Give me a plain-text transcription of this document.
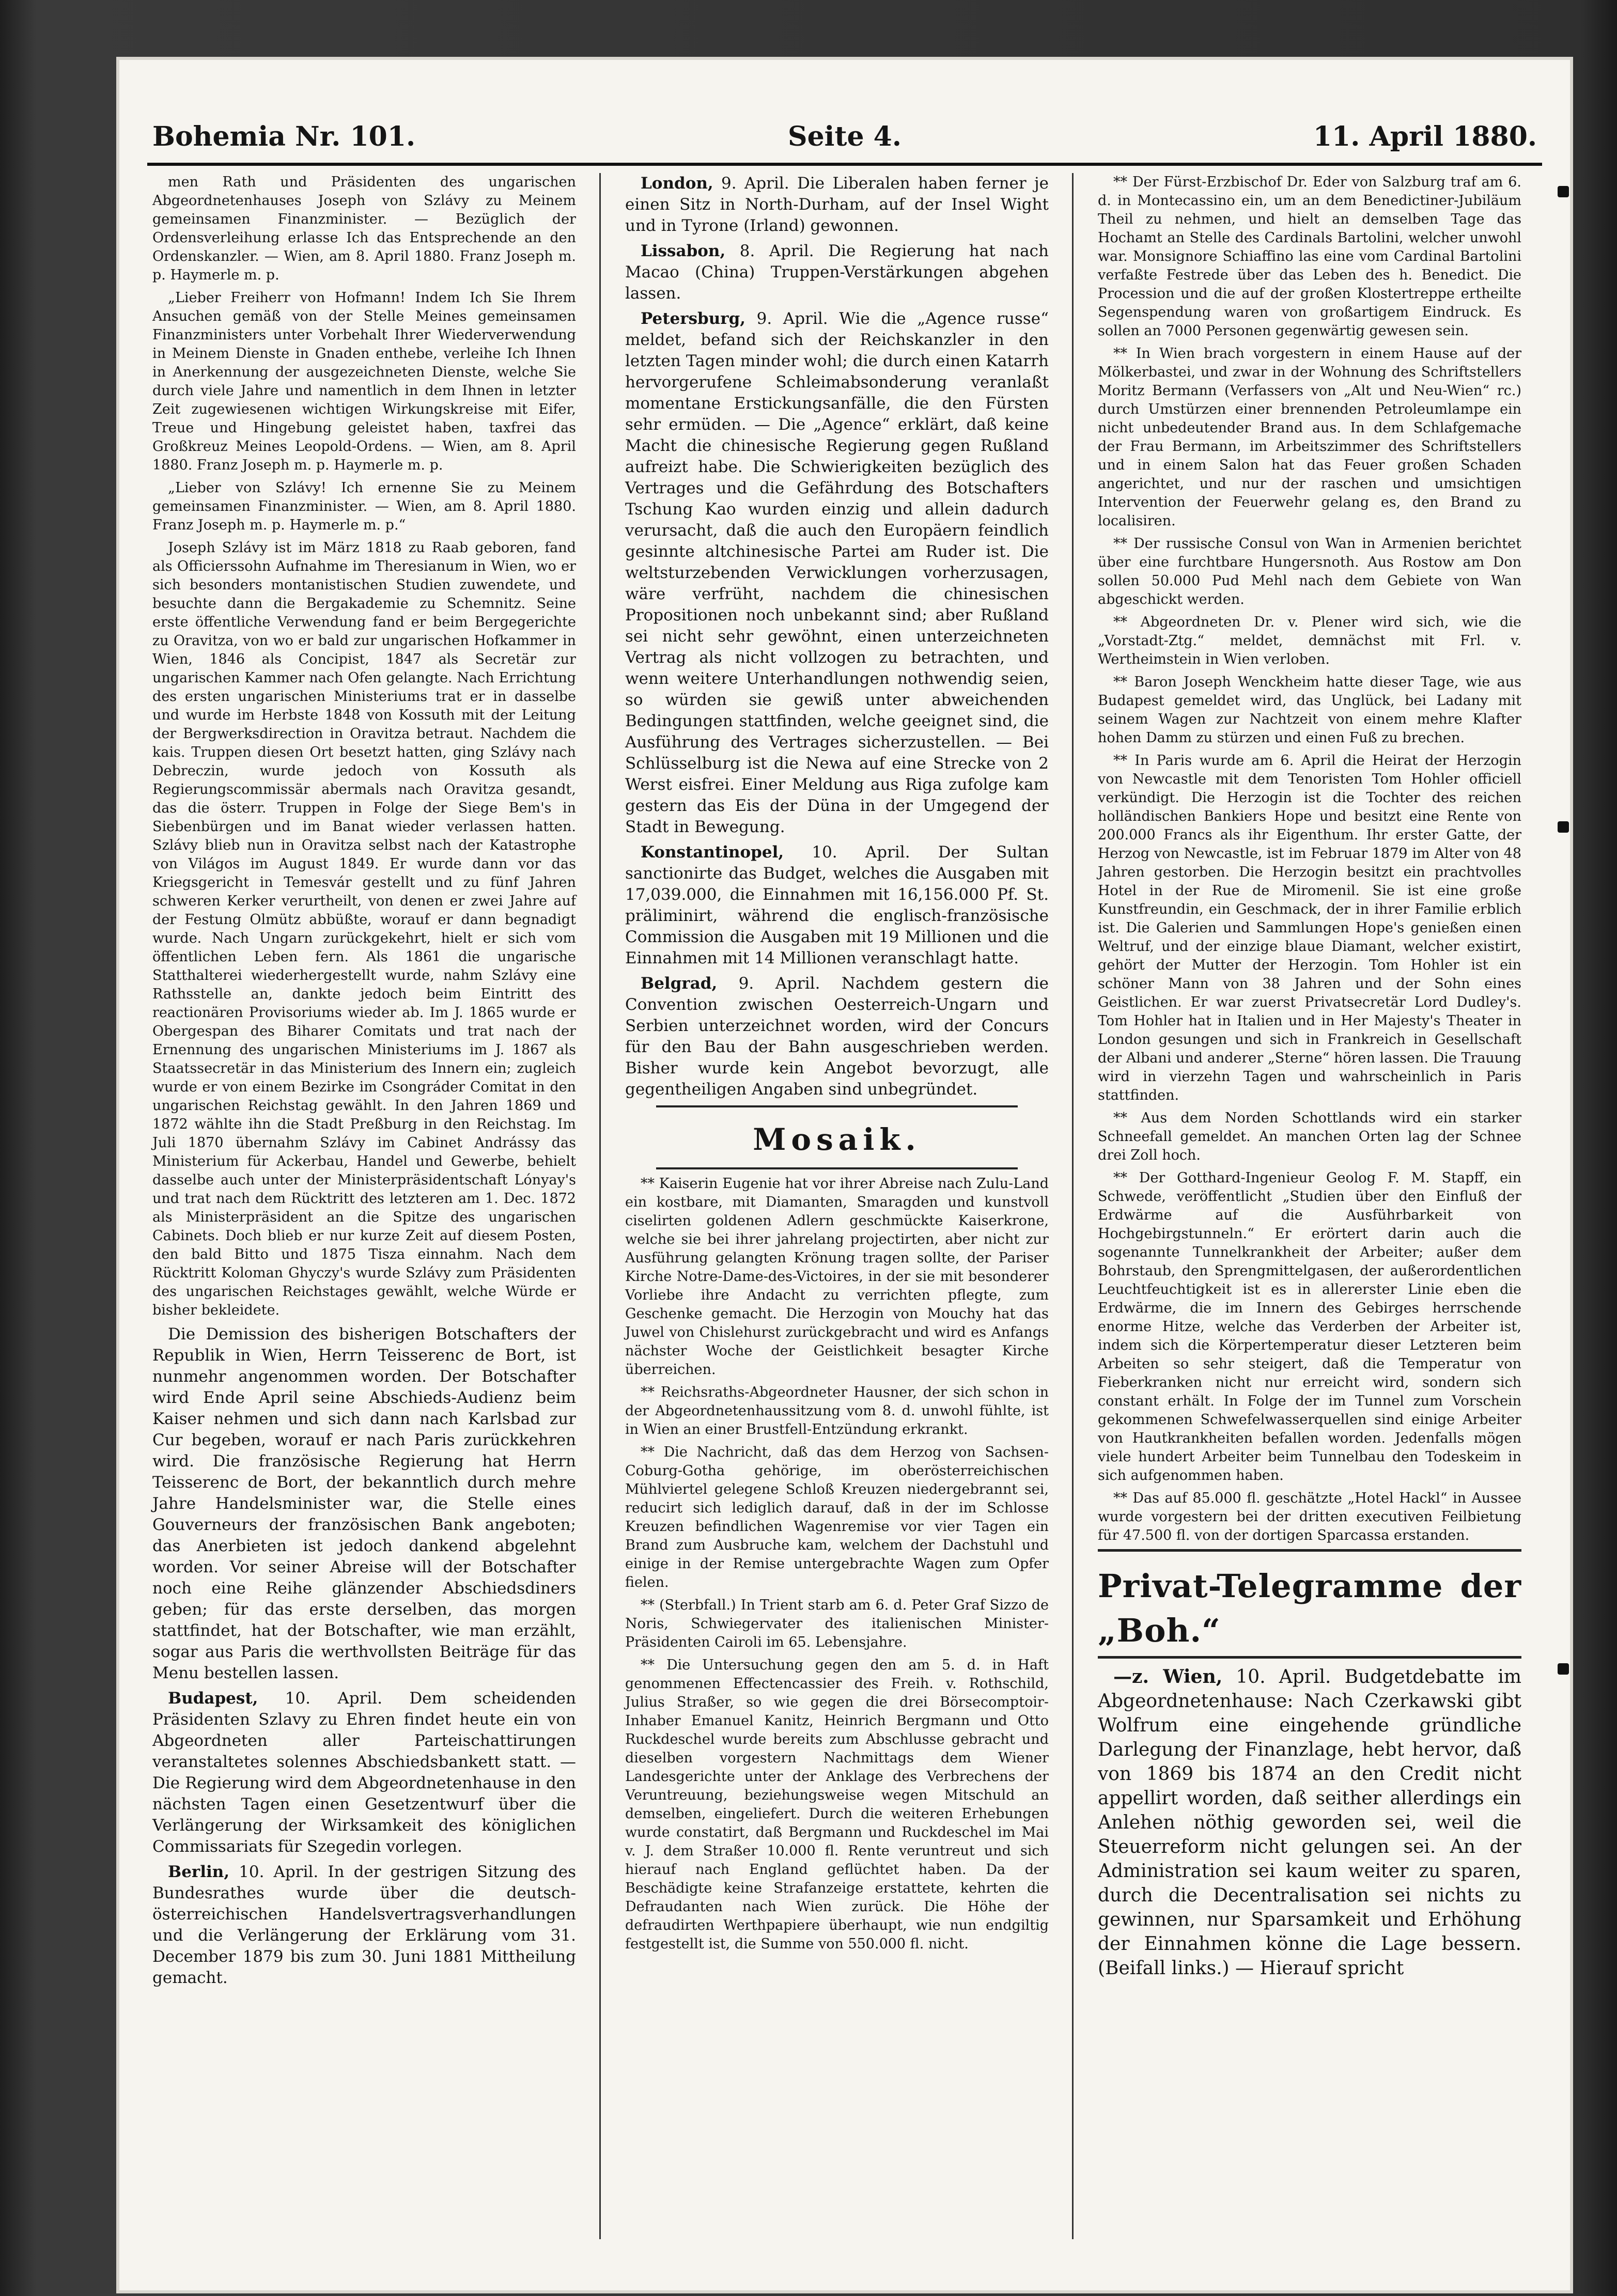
Bohemia Nr. 101.	Seite 4.	11. April 1880.

men Rath und Präsidenten des ungarischen Abgeordnetenhauses Joseph von Szlávy zu Meinem gemeinsamen Finanzminister. — Bezüglich der Ordensverleihung erlasse Ich das Entsprechende an den Ordenskanzler. — Wien, am 8. April 1880. Franz Joseph m. p. Haymerle m. p.

„Lieber Freiherr von Hofmann! Indem Ich Sie Ihrem Ansuchen gemäß von der Stelle Meines gemeinsamen Finanzministers unter Vorbehalt Ihrer Wiederverwendung in Meinem Dienste in Gnaden enthebe, verleihe Ich Ihnen in Anerkennung der ausgezeichneten Dienste, welche Sie durch viele Jahre und namentlich in dem Ihnen in letzter Zeit zugewiesenen wichtigen Wirkungskreise mit Eifer, Treue und Hingebung geleistet haben, taxfrei das Großkreuz Meines Leopold-Ordens. — Wien, am 8. April 1880. Franz Joseph m. p. Haymerle m. p.

„Lieber von Szlávy! Ich ernenne Sie zu Meinem gemeinsamen Finanzminister. — Wien, am 8. April 1880. Franz Joseph m. p. Haymerle m. p.“

Joseph Szlávy ist im März 1818 zu Raab geboren, fand als Officierssohn Aufnahme im Theresianum in Wien, wo er sich besonders montanistischen Studien zuwendete, und besuchte dann die Bergakademie zu Schemnitz. Seine erste öffentliche Verwendung fand er beim Bergegerichte zu Oravitza, von wo er bald zur ungarischen Hofkammer in Wien, 1846 als Concipist, 1847 als Secretär zur ungarischen Kammer nach Ofen gelangte. Nach Errichtung des ersten ungarischen Ministeriums trat er in dasselbe und wurde im Herbste 1848 von Kossuth mit der Leitung der Bergwerksdirection in Oravitza betraut. Nachdem die kais. Truppen diesen Ort besetzt hatten, ging Szlávy nach Debreczin, wurde jedoch von Kossuth als Regierungscommissär abermals nach Oravitza gesandt, das die österr. Truppen in Folge der Siege Bem's in Siebenbürgen und im Banat wieder verlassen hatten. Szlávy blieb nun in Oravitza selbst nach der Katastrophe von Világos im August 1849. Er wurde dann vor das Kriegsgericht in Temesvár gestellt und zu fünf Jahren schweren Kerker verurtheilt, von denen er zwei Jahre auf der Festung Olmütz abbüßte, worauf er dann begnadigt wurde. Nach Ungarn zurückgekehrt, hielt er sich vom öffentlichen Leben fern. Als 1861 die ungarische Statthalterei wiederhergestellt wurde, nahm Szlávy eine Rathsstelle an, dankte jedoch beim Eintritt des reactionären Provisoriums wieder ab. Im J. 1865 wurde er Obergespan des Biharer Comitats und trat nach der Ernennung des ungarischen Ministeriums im J. 1867 als Staatssecretär in das Ministerium des Innern ein; zugleich wurde er von einem Bezirke im Csongráder Comitat in den ungarischen Reichstag gewählt. In den Jahren 1869 und 1872 wählte ihn die Stadt Preßburg in den Reichstag. Im Juli 1870 übernahm Szlávy im Cabinet Andrássy das Ministerium für Ackerbau, Handel und Gewerbe, behielt dasselbe auch unter der Ministerpräsidentschaft Lónyay's und trat nach dem Rücktritt des letzteren am 1. Dec. 1872 als Ministerpräsident an die Spitze des ungarischen Cabinets. Doch blieb er nur kurze Zeit auf diesem Posten, den bald Bitto und 1875 Tisza einnahm. Nach dem Rücktritt Koloman Ghyczy's wurde Szlávy zum Präsidenten des ungarischen Reichstages gewählt, welche Würde er bisher bekleidete.

Die Demission des bisherigen Botschafters der Republik in Wien, Herrn Teisserenc de Bort, ist nunmehr angenommen worden. Der Botschafter wird Ende April seine Abschieds-Audienz beim Kaiser nehmen und sich dann nach Karlsbad zur Cur begeben, worauf er nach Paris zurückkehren wird. Die französische Regierung hat Herrn Teisserenc de Bort, der bekanntlich durch mehre Jahre Handelsminister war, die Stelle eines Gouverneurs der französischen Bank angeboten; das Anerbieten ist jedoch dankend abgelehnt worden. Vor seiner Abreise will der Botschafter noch eine Reihe glänzender Abschiedsdiners geben; für das erste derselben, das morgen stattfindet, hat der Botschafter, wie man erzählt, sogar aus Paris die werthvollsten Beiträge für das Menu bestellen lassen.

Budapest, 10. April. Dem scheidenden Präsidenten Szlavy zu Ehren findet heute ein von Abgeordneten aller Parteischattirungen veranstaltetes solennes Abschiedsbankett statt. — Die Regierung wird dem Abgeordnetenhause in den nächsten Tagen einen Gesetzentwurf über die Verlängerung der Wirksamkeit des königlichen Commissariats für Szegedin vorlegen.

Berlin, 10. April. In der gestrigen Sitzung des Bundesrathes wurde über die deutsch-österreichischen Handelsvertragsverhandlungen und die Verlängerung der Erklärung vom 31. December 1879 bis zum 30. Juni 1881 Mittheilung gemacht.

London, 9. April. Die Liberalen haben ferner je einen Sitz in North-Durham, auf der Insel Wight und in Tyrone (Irland) gewonnen.

Lissabon, 8. April. Die Regierung hat nach Macao (China) Truppen-Verstärkungen abgehen lassen.

Petersburg, 9. April. Wie die „Agence russe“ meldet, befand sich der Reichskanzler in den letzten Tagen minder wohl; die durch einen Katarrh hervorgerufene Schleimabsonderung veranlaßt momentane Erstickungsanfälle, die den Fürsten sehr ermüden. — Die „Agence“ erklärt, daß keine Macht die chinesische Regierung gegen Rußland aufreizt habe. Die Schwierigkeiten bezüglich des Vertrages und die Gefährdung des Botschafters Tschung Kao wurden einzig und allein dadurch verursacht, daß die auch den Europäern feindlich gesinnte altchinesische Partei am Ruder ist. Die weltsturzebenden Verwicklungen vorherzusagen, wäre verfrüht, nachdem die chinesischen Propositionen noch unbekannt sind; aber Rußland sei nicht sehr gewöhnt, einen unterzeichneten Vertrag als nicht vollzogen zu betrachten, und wenn weitere Unterhandlungen nothwendig seien, so würden sie gewiß unter abweichenden Bedingungen stattfinden, welche geeignet sind, die Ausführung des Vertrages sicherzustellen. — Bei Schlüsselburg ist die Newa auf eine Strecke von 2 Werst eisfrei. Einer Meldung aus Riga zufolge kam gestern das Eis der Düna in der Umgegend der Stadt in Bewegung.

Konstantinopel, 10. April. Der Sultan sanctionirte das Budget, welches die Ausgaben mit 17,039.000, die Einnahmen mit 16,156.000 Pf. St. präliminirt, während die englisch-französische Commission die Ausgaben mit 19 Millionen und die Einnahmen mit 14 Millionen veranschlagt hatte.

Belgrad, 9. April. Nachdem gestern die Convention zwischen Oesterreich-Ungarn und Serbien unterzeichnet worden, wird der Concurs für den Bau der Bahn ausgeschrieben werden. Bisher wurde kein Angebot bevorzugt, alle gegentheiligen Angaben sind unbegründet.

Mosaik.

** Kaiserin Eugenie hat vor ihrer Abreise nach Zulu-Land ein kostbare, mit Diamanten, Smaragden und kunstvoll ciselirten goldenen Adlern geschmückte Kaiserkrone, welche sie bei ihrer jahrelang projectirten, aber nicht zur Ausführung gelangten Krönung tragen sollte, der Pariser Kirche Notre-Dame-des-Victoires, in der sie mit besonderer Vorliebe ihre Andacht zu verrichten pflegte, zum Geschenke gemacht. Die Herzogin von Mouchy hat das Juwel von Chislehurst zurückgebracht und wird es Anfangs nächster Woche der Geistlichkeit besagter Kirche überreichen.

** Reichsraths-Abgeordneter Hausner, der sich schon in der Abgeordnetenhaussitzung vom 8. d. unwohl fühlte, ist in Wien an einer Brustfell-Entzündung erkrankt.

** Die Nachricht, daß das dem Herzog von Sachsen-Coburg-Gotha gehörige, im oberösterreichischen Mühlviertel gelegene Schloß Kreuzen niedergebrannt sei, reducirt sich lediglich darauf, daß in der im Schlosse Kreuzen befindlichen Wagenremise vor vier Tagen ein Brand zum Ausbruche kam, welchem der Dachstuhl und einige in der Remise untergebrachte Wagen zum Opfer fielen.

** (Sterbfall.) In Trient starb am 6. d. Peter Graf Sizzo de Noris, Schwiegervater des italienischen Minister-Präsidenten Cairoli im 65. Lebensjahre.

** Die Untersuchung gegen den am 5. d. in Haft genommenen Effectencassier des Freih. v. Rothschild, Julius Straßer, so wie gegen die drei Börsecomptoir-Inhaber Emanuel Kanitz, Heinrich Bergmann und Otto Ruckdeschel wurde bereits zum Abschlusse gebracht und dieselben vorgestern Nachmittags dem Wiener Landesgerichte unter der Anklage des Verbrechens der Veruntreuung, beziehungsweise wegen Mitschuld an demselben, eingeliefert. Durch die weiteren Erhebungen wurde constatirt, daß Bergmann und Ruckdeschel im Mai v. J. dem Straßer 10.000 fl. Rente veruntreut und sich hierauf nach England geflüchtet haben. Da der Beschädigte keine Strafanzeige erstattete, kehrten die Defraudanten nach Wien zurück. Die Höhe der defraudirten Werthpapiere überhaupt, wie nun endgiltig festgestellt ist, die Summe von 550.000 fl. nicht.

** Der Fürst-Erzbischof Dr. Eder von Salzburg traf am 6. d. in Montecassino ein, um an dem Benedictiner-Jubiläum Theil zu nehmen, und hielt an demselben Tage das Hochamt an Stelle des Cardinals Bartolini, welcher unwohl war. Monsignore Schiaffino las eine vom Cardinal Bartolini verfaßte Festrede über das Leben des h. Benedict. Die Procession und die auf der großen Klostertreppe ertheilte Segenspendung waren von großartigem Eindruck. Es sollen an 7000 Personen gegenwärtig gewesen sein.

** In Wien brach vorgestern in einem Hause auf der Mölkerbastei, und zwar in der Wohnung des Schriftstellers Moritz Bermann (Verfassers von „Alt und Neu-Wien“ rc.) durch Umstürzen einer brennenden Petroleumlampe ein nicht unbedeutender Brand aus. In dem Schlafgemache der Frau Bermann, im Arbeitszimmer des Schriftstellers und in einem Salon hat das Feuer großen Schaden angerichtet, und nur der raschen und umsichtigen Intervention der Feuerwehr gelang es, den Brand zu localisiren.

** Der russische Consul von Wan in Armenien berichtet über eine furchtbare Hungersnoth. Aus Rostow am Don sollen 50.000 Pud Mehl nach dem Gebiete von Wan abgeschickt werden.

** Abgeordneten Dr. v. Plener wird sich, wie die „Vorstadt-Ztg.“ meldet, demnächst mit Frl. v. Wertheimstein in Wien verloben.

** Baron Joseph Wenckheim hatte dieser Tage, wie aus Budapest gemeldet wird, das Unglück, bei Ladany mit seinem Wagen zur Nachtzeit von einem mehre Klafter hohen Damm zu stürzen und einen Fuß zu brechen.

** In Paris wurde am 6. April die Heirat der Herzogin von Newcastle mit dem Tenoristen Tom Hohler officiell verkündigt. Die Herzogin ist die Tochter des reichen holländischen Bankiers Hope und besitzt eine Rente von 200.000 Francs als ihr Eigenthum. Ihr erster Gatte, der Herzog von Newcastle, ist im Februar 1879 im Alter von 48 Jahren gestorben. Die Herzogin besitzt ein prachtvolles Hotel in der Rue de Miromenil. Sie ist eine große Kunstfreundin, ein Geschmack, der in ihrer Familie erblich ist. Die Galerien und Sammlungen Hope's genießen einen Weltruf, und der einzige blaue Diamant, welcher existirt, gehört der Mutter der Herzogin. Tom Hohler ist ein schöner Mann von 38 Jahren und der Sohn eines Geistlichen. Er war zuerst Privatsecretär Lord Dudley's. Tom Hohler hat in Italien und in Her Majesty's Theater in London gesungen und sich in Frankreich in Gesellschaft der Albani und anderer „Sterne“ hören lassen. Die Trauung wird in vierzehn Tagen und wahrscheinlich in Paris stattfinden.

** Aus dem Norden Schottlands wird ein starker Schneefall gemeldet. An manchen Orten lag der Schnee drei Zoll hoch.

** Der Gotthard-Ingenieur Geolog F. M. Stapff, ein Schwede, veröffentlicht „Studien über den Einfluß der Erdwärme auf die Ausführbarkeit von Hochgebirgstunneln.“ Er erörtert darin auch die sogenannte Tunnelkrankheit der Arbeiter; außer dem Bohrstaub, den Sprengmittelgasen, der außerordentlichen Leuchtfeuchtigkeit ist es in allererster Linie eben die Erdwärme, die im Innern des Gebirges herrschende enorme Hitze, welche das Verderben der Arbeiter ist, indem sich die Körpertemperatur dieser Letzteren beim Arbeiten so sehr steigert, daß die Temperatur von Fieberkranken nicht nur erreicht wird, sondern sich constant erhält. In Folge der im Tunnel zum Vorschein gekommenen Schwefelwasserquellen sind einige Arbeiter von Hautkrankheiten befallen worden. Jedenfalls mögen viele hundert Arbeiter beim Tunnelbau den Todeskeim in sich aufgenommen haben.

** Das auf 85.000 fl. geschätzte „Hotel Hackl“ in Aussee wurde vorgestern bei der dritten executiven Feilbietung für 47.500 fl. von der dortigen Sparcassa erstanden.

Privat-Telegramme der „Boh.“

—z. Wien, 10. April. Budgetdebatte im Abgeordnetenhause: Nach Czerkawski gibt Wolfrum eine eingehende gründliche Darlegung der Finanzlage, hebt hervor, daß von 1869 bis 1874 an den Credit nicht appellirt worden, daß seither allerdings ein Anlehen nöthig geworden sei, weil die Steuerreform nicht gelungen sei. An der Administration sei kaum weiter zu sparen, durch die Decentralisation sei nichts zu gewinnen, nur Sparsamkeit und Erhöhung der Einnahmen könne die Lage bessern. (Beifall links.) — Hierauf spricht
